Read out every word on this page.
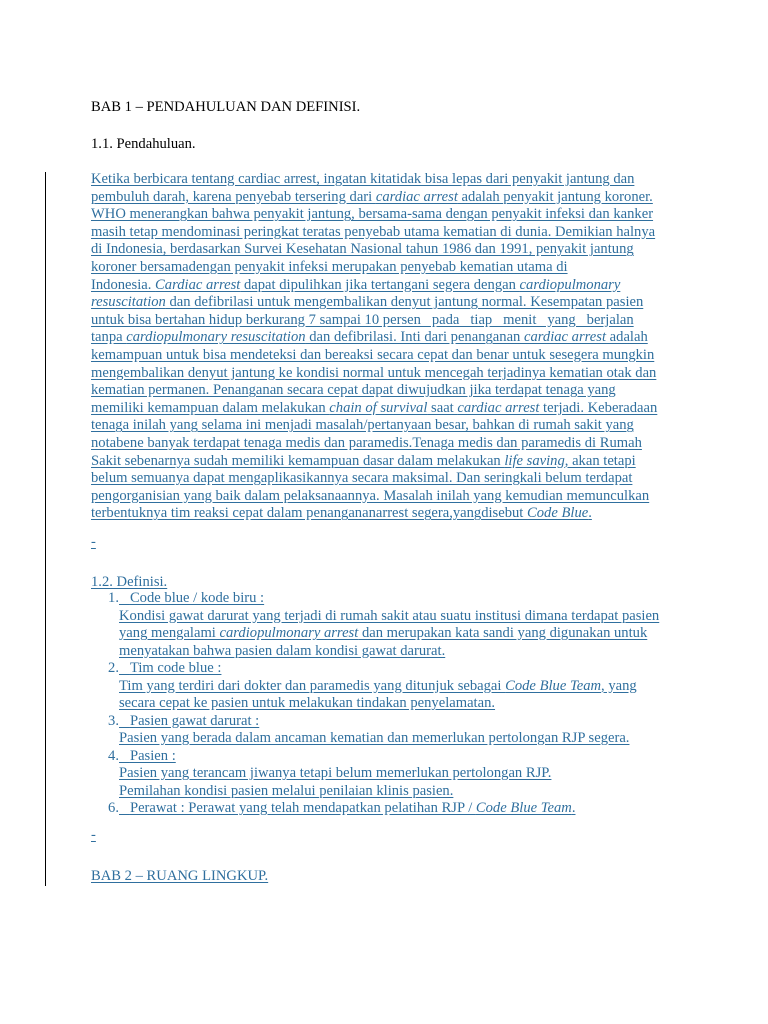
BAB 1 – PENDAHULUAN DAN DEFINISI.
1.1. Pendahuluan.
Ketika berbicara tentang cardiac arrest, ingatan kitatidak bisa lepas dari penyakit jantung dan
pembuluh darah, karena penyebab tersering dari cardiac arrest adalah penyakit jantung koroner.
WHO menerangkan bahwa penyakit jantung, bersama-sama dengan penyakit infeksi dan kanker
masih tetap mendominasi peringkat teratas penyebab utama kematian di dunia. Demikian halnya
di Indonesia, berdasarkan Survei Kesehatan Nasional tahun 1986 dan 1991, penyakit jantung
koroner bersamadengan penyakit infeksi merupakan penyebab kematian utama di
Indonesia. Cardiac arrest dapat dipulihkan jika tertangani segera dengan cardiopulmonary
resuscitation dan defibrilasi untuk mengembalikan denyut jantung normal. Kesempatan pasien
untuk bisa bertahan hidup berkurang 7 sampai 10 persen   pada   tiap   menit   yang   berjalan
tanpa cardiopulmonary resuscitation dan defibrilasi. Inti dari penanganan cardiac arrest adalah
kemampuan untuk bisa mendeteksi dan bereaksi secara cepat dan benar untuk sesegera mungkin
mengembalikan denyut jantung ke kondisi normal untuk mencegah terjadinya kematian otak dan
kematian permanen. Penanganan secara cepat dapat diwujudkan jika terdapat tenaga yang
memiliki kemampuan dalam melakukan chain of survival saat cardiac arrest terjadi. Keberadaan
tenaga inilah yang selama ini menjadi masalah/pertanyaan besar, bahkan di rumah sakit yang
notabene banyak terdapat tenaga medis dan paramedis.Tenaga medis dan paramedis di Rumah
Sakit sebenarnya sudah memiliki kemampuan dasar dalam melakukan life saving, akan tetapi
belum semuanya dapat mengaplikasikannya secara maksimal. Dan seringkali belum terdapat
pengorganisian yang baik dalam pelaksanaannya. Masalah inilah yang kemudian memunculkan
terbentuknya tim reaksi cepat dalam penangananarrest segera,yangdisebut Code Blue.
-
1.2. Definisi.
1. Code blue / kode biru :
Kondisi gawat darurat yang terjadi di rumah sakit atau suatu institusi dimana terdapat pasien
yang mengalami cardiopulmonary arrest dan merupakan kata sandi yang digunakan untuk
menyatakan bahwa pasien dalam kondisi gawat darurat.
2. Tim code blue :
Tim yang terdiri dari dokter dan paramedis yang ditunjuk sebagai Code Blue Team, yang
secara cepat ke pasien untuk melakukan tindakan penyelamatan.
3. Pasien gawat darurat :
Pasien yang berada dalam ancaman kematian dan memerlukan pertolongan RJP segera.
4. Pasien :
Pasien yang terancam jiwanya tetapi belum memerlukan pertolongan RJP.
Pemilahan kondisi pasien melalui penilaian klinis pasien.
6. Perawat : Perawat yang telah mendapatkan pelatihan RJP / Code Blue Team.
-
BAB 2 – RUANG LINGKUP.
